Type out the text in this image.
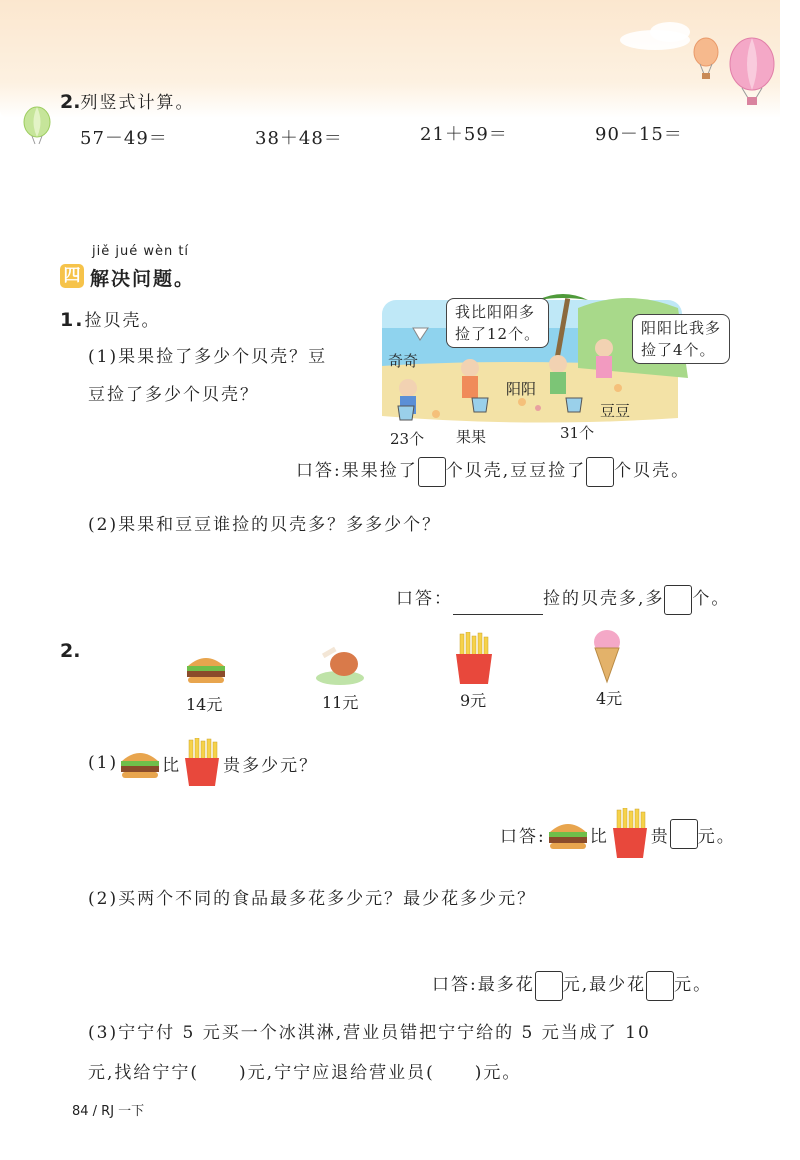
2.列竖式计算。
57－49＝	38＋48＝	21＋59＝	90－15＝
jiě jué wèn tí
四 解决问题。
1.捡贝壳。
(1)果果捡了多少个贝壳？豆
豆捡了多少个贝壳？
我比阳阳多
捡了12个。	阳阳比我多
捡了4个。
奇奇
阳阳
豆豆
果果
23个	31个
口答:果果捡了 个贝壳,豆豆捡了 个贝壳。
(2)果果和豆豆谁捡的贝壳多？多多少个？
口答：	捡的贝壳多,多 个。
2.
14元	11元	9元	4元
(1)	比 贵多少元？
口答:	比 贵 元。
(2)买两个不同的食品最多花多少元？最少花多少元？
口答:最多花 元,最少花 元。
(3)宁宁付 5 元买一个冰淇淋,营业员错把宁宁给的 5 元当成了 10
元,找给宁宁( )元,宁宁应退给营业员( )元。
84 / RJ 一下
